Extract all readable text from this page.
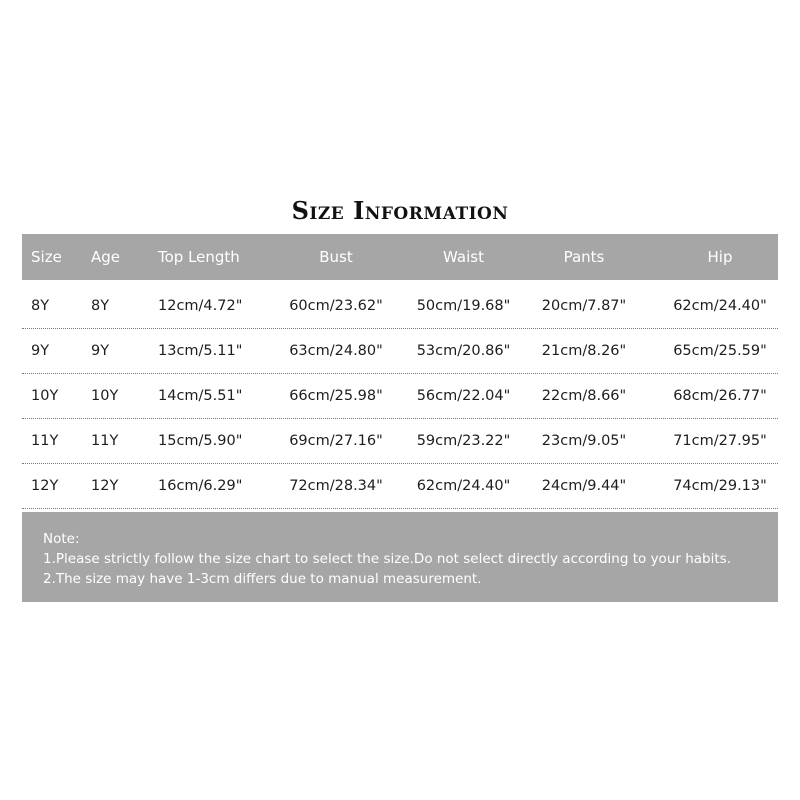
Size Information
Size Age	Top Length	Bust	Waist	Pants	Hip
8Y	8Y	12cm/4.72"	60cm/23.62"	50cm/19.68"	20cm/7.87"	62cm/24.40"
9Y	9Y	13cm/5.11"	63cm/24.80"	53cm/20.86"	21cm/8.26"	65cm/25.59"
10Y 10Y	14cm/5.51"	66cm/25.98"	56cm/22.04"	22cm/8.66"	68cm/26.77"
11Y 11Y	15cm/5.90"	69cm/27.16"	59cm/23.22"	23cm/9.05"	71cm/27.95"
12Y 12Y	16cm/6.29"	72cm/28.34"	62cm/24.40"	24cm/9.44"	74cm/29.13"
Note:
1.Please strictly follow the size chart to select the size.Do not select directly according to your habits.
2.The size may have 1-3cm differs due to manual measurement.
